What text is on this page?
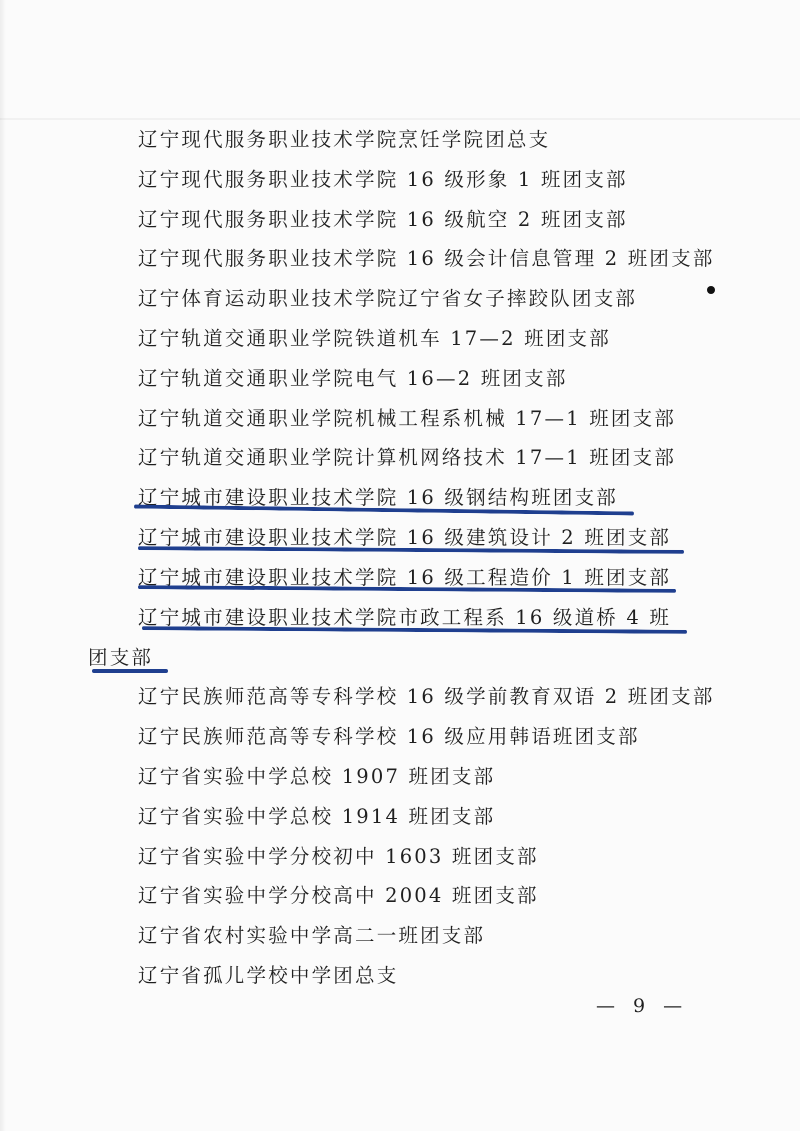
辽宁现代服务职业技术学院烹饪学院团总支
辽宁现代服务职业技术学院 16 级形象 1 班团支部
辽宁现代服务职业技术学院 16 级航空 2 班团支部
辽宁现代服务职业技术学院 16 级会计信息管理 2 班团支部
辽宁体育运动职业技术学院辽宁省女子摔跤队团支部
辽宁轨道交通职业学院铁道机车 17—2 班团支部
辽宁轨道交通职业学院电气 16—2 班团支部
辽宁轨道交通职业学院机械工程系机械 17—1 班团支部
辽宁轨道交通职业学院计算机网络技术 17—1 班团支部
辽宁城市建设职业技术学院 16 级钢结构班团支部
辽宁城市建设职业技术学院 16 级建筑设计 2 班团支部
辽宁城市建设职业技术学院 16 级工程造价 1 班团支部
辽宁城市建设职业技术学院市政工程系 16 级道桥 4 班
团支部
辽宁民族师范高等专科学校 16 级学前教育双语 2 班团支部
辽宁民族师范高等专科学校 16 级应用韩语班团支部
辽宁省实验中学总校 1907 班团支部
辽宁省实验中学总校 1914 班团支部
辽宁省实验中学分校初中 1603 班团支部
辽宁省实验中学分校高中 2004 班团支部
辽宁省农村实验中学高二一班团支部
辽宁省孤儿学校中学团总支
— 9 —
